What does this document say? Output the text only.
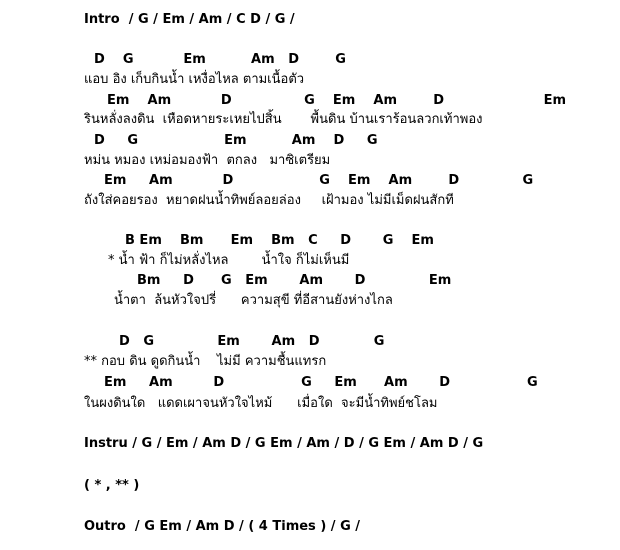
Intro  / G / Em / Am / C D / G /
D    G           Em          Am   D        G
แอบ อิง เก็บกินน้ำ เหงื่อไหล ตามเนื้อตัว
Em    Am           D                G    Em    Am        D                      Em
รินหลั่งลงดิน  เหือดหายระเหยไปสิ้น       พื้นดิน บ้านเราร้อนลวกเท้าพอง
D     G                   Em          Am    D     G
หม่น หมอง เหม่อมองฟ้า  ตกลง   มาซิเตรียม
Em     Am           D                   G    Em    Am        D              G
ถังใส่คอยรอง  หยาดฝนน้ำทิพย์ลอยล่อง     เฝ้ามอง ไม่มีเม็ดฝนสักที
B Em    Bm      Em    Bm   C     D       G    Em
* น้ำ ฟ้า ก็ไม่หลั่งไหล        น้ำใจ ก็ไม่เห็นมี
Bm     D      G   Em       Am       D              Em
น้ำตา  ล้นหัวใจปรี่      ความสุขี ที่อีสานยังห่างไกล
D   G              Em       Am   D            G
** กอบ ดิน ดูดกินน้ำ    ไม่มี ความชื้นแทรก
Em     Am         D                 G     Em      Am       D                 G
ในผงดินใด   แดดเผาจนหัวใจไหม้      เมื่อใด  จะมีน้ำทิพย์ชโลม
Instru / G / Em / Am D / G Em / Am / D / G Em / Am D / G
( * , ** )
Outro  / G Em / Am D / ( 4 Times ) / G /
